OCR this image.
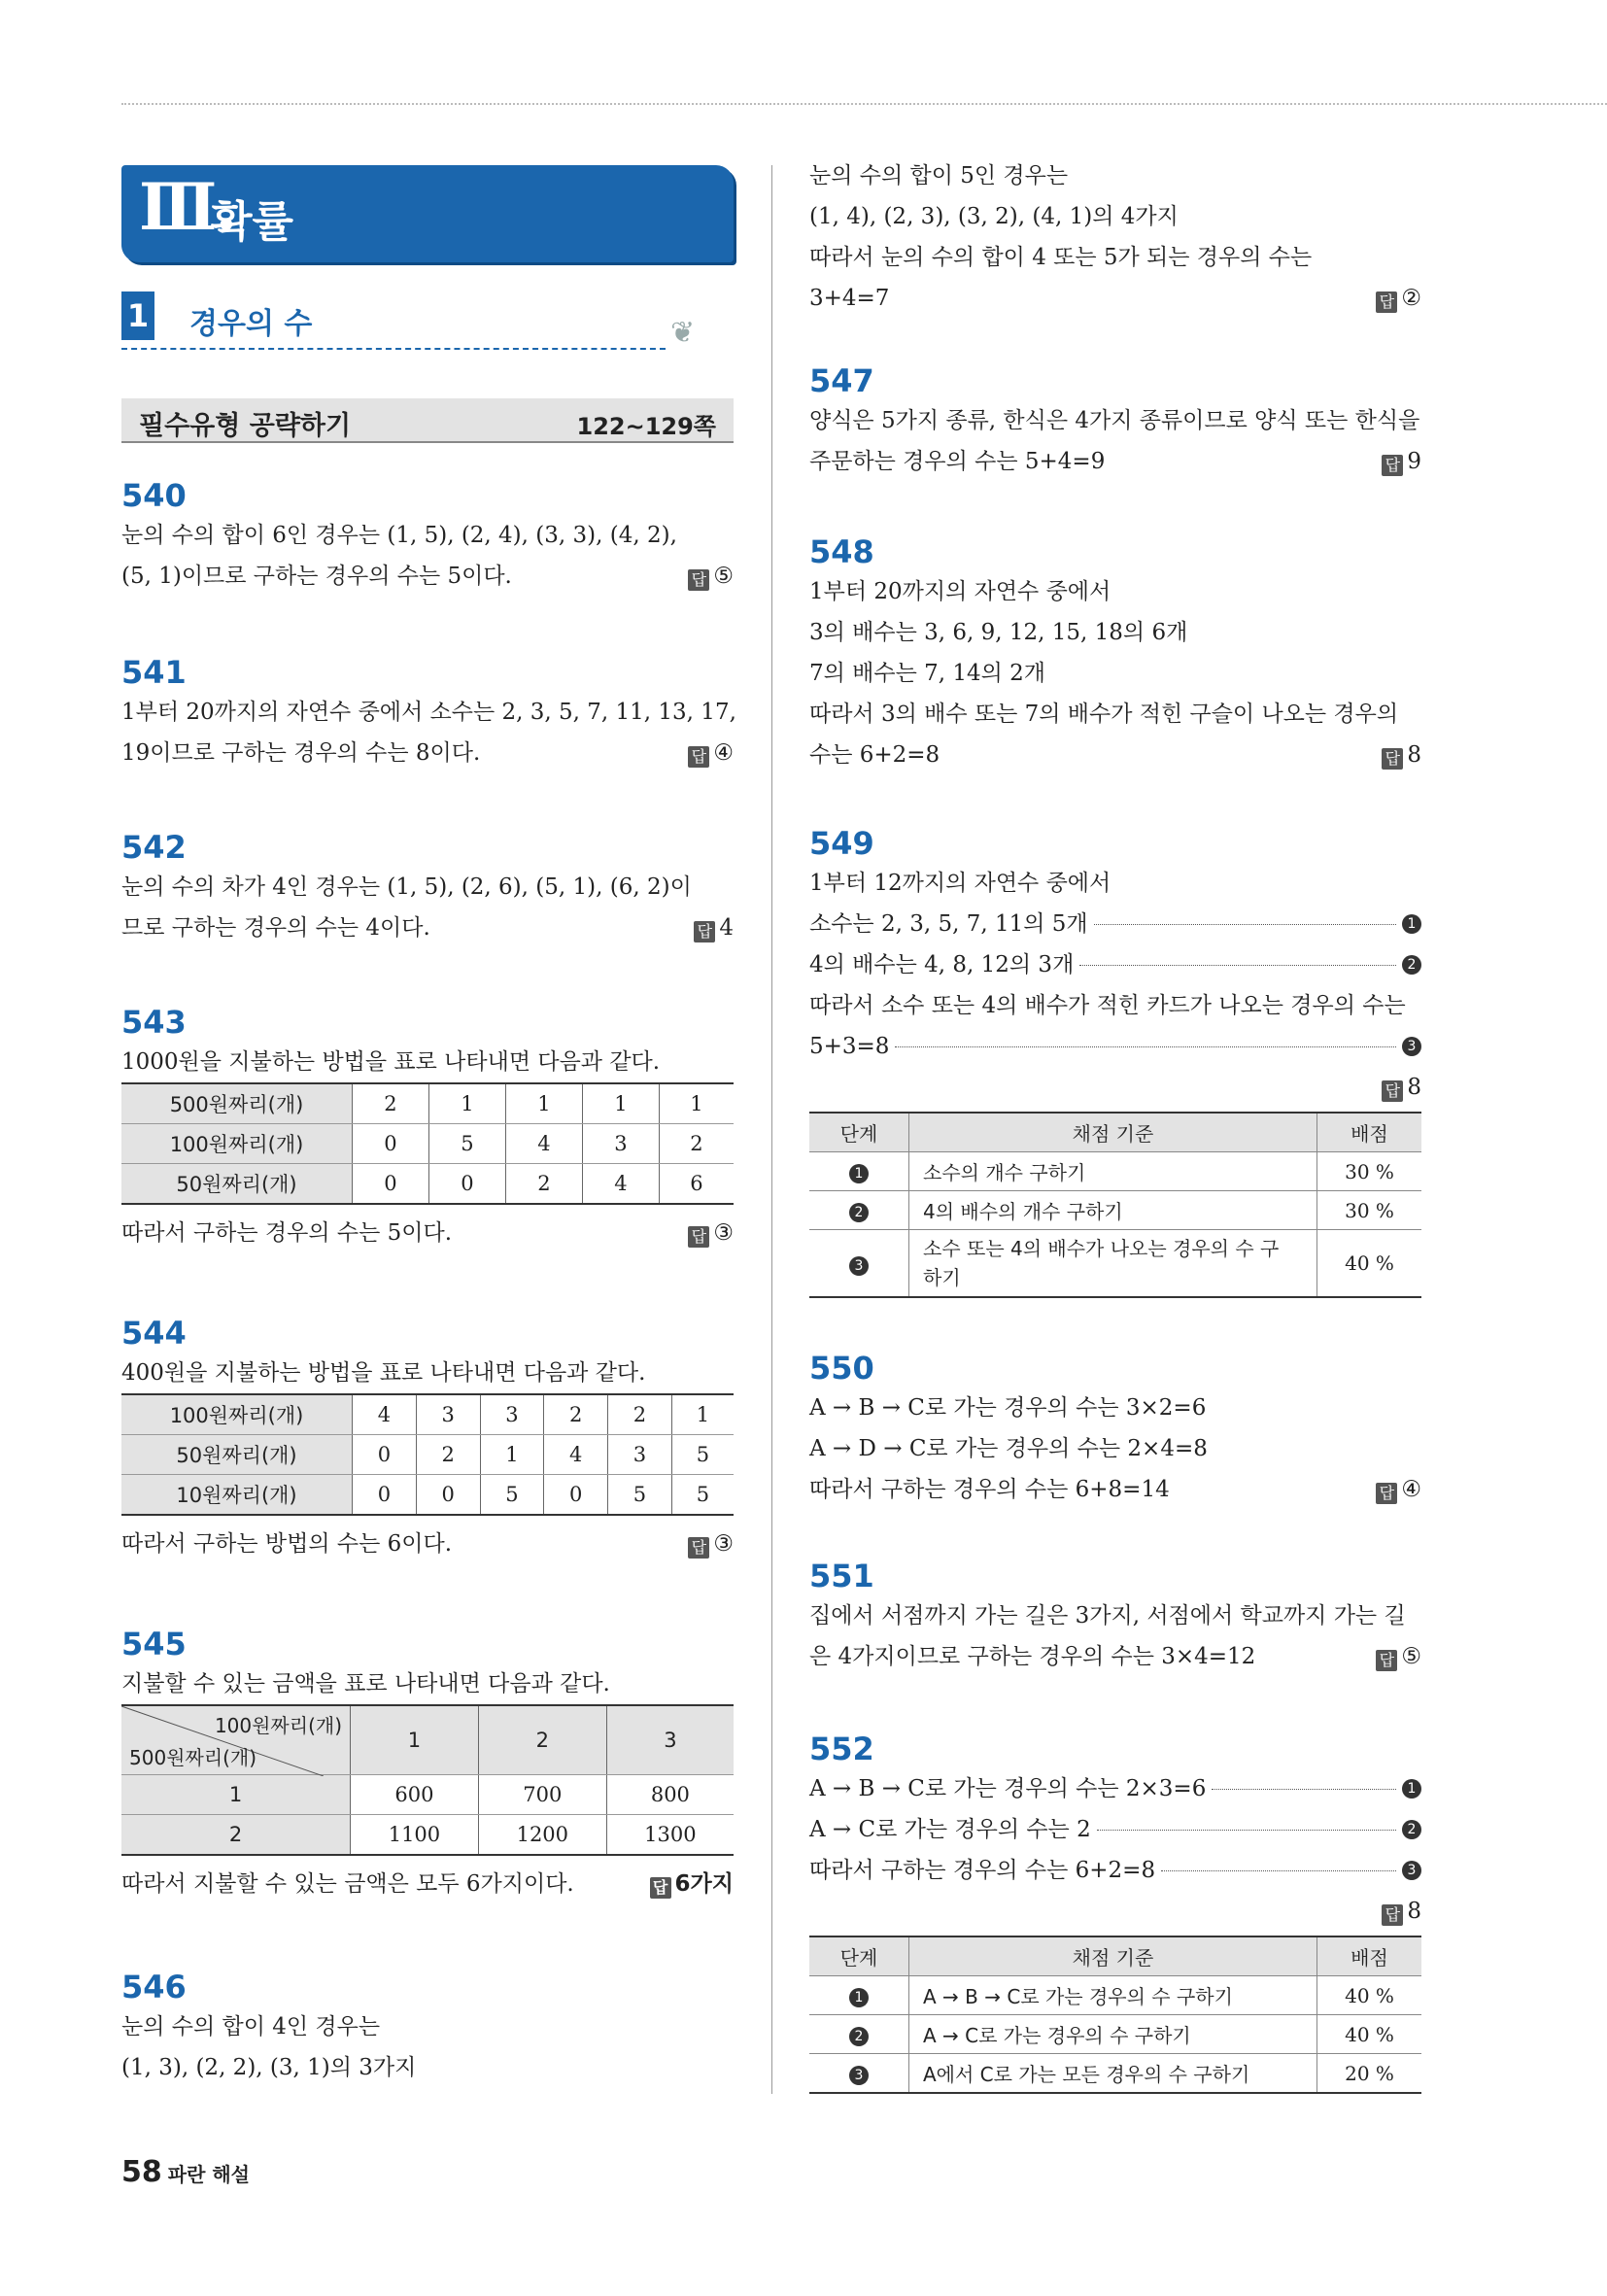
Ⅲ.
확률
1 경우의 수	❦
필수유형 공략하기	122~129쪽
540
눈의 수의 합이 6인 경우는 (1, 5), (2, 4), (3, 3), (4, 2),
(5, 1)이므로 구하는 경우의 수는 5이다.	답 ⑤
541
1부터 20까지의 자연수 중에서 소수는 2, 3, 5, 7, 11, 13, 17,
19이므로 구하는 경우의 수는 8이다.	답 ④
542
눈의 수의 차가 4인 경우는 (1, 5), (2, 6), (5, 1), (6, 2)이
므로 구하는 경우의 수는 4이다.	답 4
543
1000원을 지불하는 방법을 표로 나타내면 다음과 같다.
500원짜리(개)	2	1	1	1	1
100원짜리(개)	0	5	4	3	2
50원짜리(개)	0	0	2	4	6
따라서 구하는 경우의 수는 5이다.	답 ③
544
400원을 지불하는 방법을 표로 나타내면 다음과 같다.
100원짜리(개)	4	3	3	2	2	1
50원짜리(개)	0	2	1	4	3	5
10원짜리(개)	0	0	5	0	5	5
따라서 구하는 방법의 수는 6이다.	답 ③
545
지불할 수 있는 금액을 표로 나타내면 다음과 같다.
100원짜리(개)
500원짜리(개)	1	2	3
1	600	700	800
2	1100	1200	1300
따라서 지불할 수 있는 금액은 모두 6가지이다.	답 6가지
546
눈의 수의 합이 4인 경우는
(1, 3), (2, 2), (3, 1)의 3가지
눈의 수의 합이 5인 경우는
(1, 4), (2, 3), (3, 2), (4, 1)의 4가지
따라서 눈의 수의 합이 4 또는 5가 되는 경우의 수는
3+4=7	답 ②
547
양식은 5가지 종류, 한식은 4가지 종류이므로 양식 또는 한식을
주문하는 경우의 수는 5+4=9	답 9
548
1부터 20까지의 자연수 중에서
3의 배수는 3, 6, 9, 12, 15, 18의 6개
7의 배수는 7, 14의 2개
따라서 3의 배수 또는 7의 배수가 적힌 구슬이 나오는 경우의
수는 6+2=8	답 8
549
1부터 12까지의 자연수 중에서
소수는 2, 3, 5, 7, 11의 5개	1
4의 배수는 4, 8, 12의 3개	2
따라서 소수 또는 4의 배수가 적힌 카드가 나오는 경우의 수는
5+3=8	3
답 8
단계	채점 기준	배점
1	소수의 개수 구하기	30 %
2	4의 배수의 개수 구하기	30 %
3	소수 또는 4의 배수가 나오는 경우의 수 구
하기	40 %
550
A → B → C로 가는 경우의 수는 3×2=6
A → D → C로 가는 경우의 수는 2×4=8
따라서 구하는 경우의 수는 6+8=14	답 ④
551
집에서 서점까지 가는 길은 3가지, 서점에서 학교까지 가는 길
은 4가지이므로 구하는 경우의 수는 3×4=12	답 ⑤
552
A → B → C로 가는 경우의 수는 2×3=6	1
A → C로 가는 경우의 수는 2	2
따라서 구하는 경우의 수는 6+2=8	3
답 8
단계	채점 기준	배점
1	A → B → C로 가는 경우의 수 구하기	40 %
2	A → C로 가는 경우의 수 구하기	40 %
3	A에서 C로 가는 모든 경우의 수 구하기	20 %
58 파란 해설
